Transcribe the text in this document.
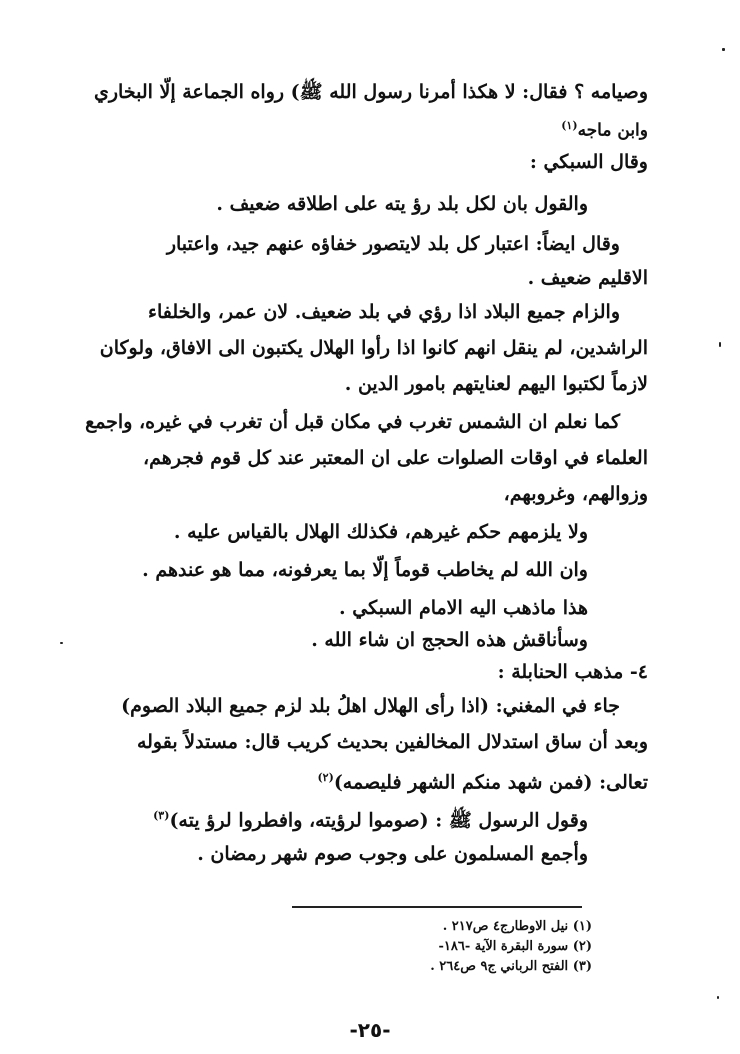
وصيامه ؟ فقال: لا هكذا أمرنا رسول الله ﷺ) رواه الجماعة إلّا البخاري
وابن ماجه$^{(١)}$
وقال السبكي :
والقول بان لكل بلد رؤ يته على اطلاقه ضعيف .
وقال ايضاً: اعتبار كل بلد لايتصور خفاؤه عنهم جيد، واعتبار
الاقليم ضعيف .
والزام جميع البلاد اذا رؤي في بلد ضعيف. لان عمر، والخلفاء
الراشدين، لم ينقل انهم كانوا اذا رأوا الهلال يكتبون الى الافاق، ولوكان
لازماً لكتبوا اليهم لعنايتهم بامور الدين .
كما نعلم ان الشمس تغرب في مكان قبل أن تغرب في غيره، واجمع
العلماء في اوقات الصلوات على ان المعتبر عند كل قوم فجرهم،
وزوالهم، وغروبهم،
ولا يلزمهم حكم غيرهم، فكذلك الهلال بالقياس عليه .
وان الله لم يخاطب قوماً إلّا بما يعرفونه، مما هو عندهم .
هذا ماذهب اليه الامام السبكي .
وسأناقش هذه الحجج ان شاء الله .
٤- مذهب الحنابلة :
جاء في المغني: (اذا رأى الهلال اهلُ بلد لزم جميع البلاد الصوم)
وبعد أن ساق استدلال المخالفين بحديث كريب قال: مستدلاً بقوله
تعالى: (فمن شهد منكم الشهر فليصمه)$^{(٢)}$
وقول الرسول ﷺ : (صوموا لرؤيته، وافطروا لرؤ يته)$^{(٣)}$
وأجمع المسلمون على وجوب صوم شهر رمضان .
(١) نيل الاوطارج٤ ص٢١٧ .
(٢) سورة البقرة الآية -١٨٦-
(٣) الفتح الرباني ج٩ ص٢٦٤ .
-٢٥-
